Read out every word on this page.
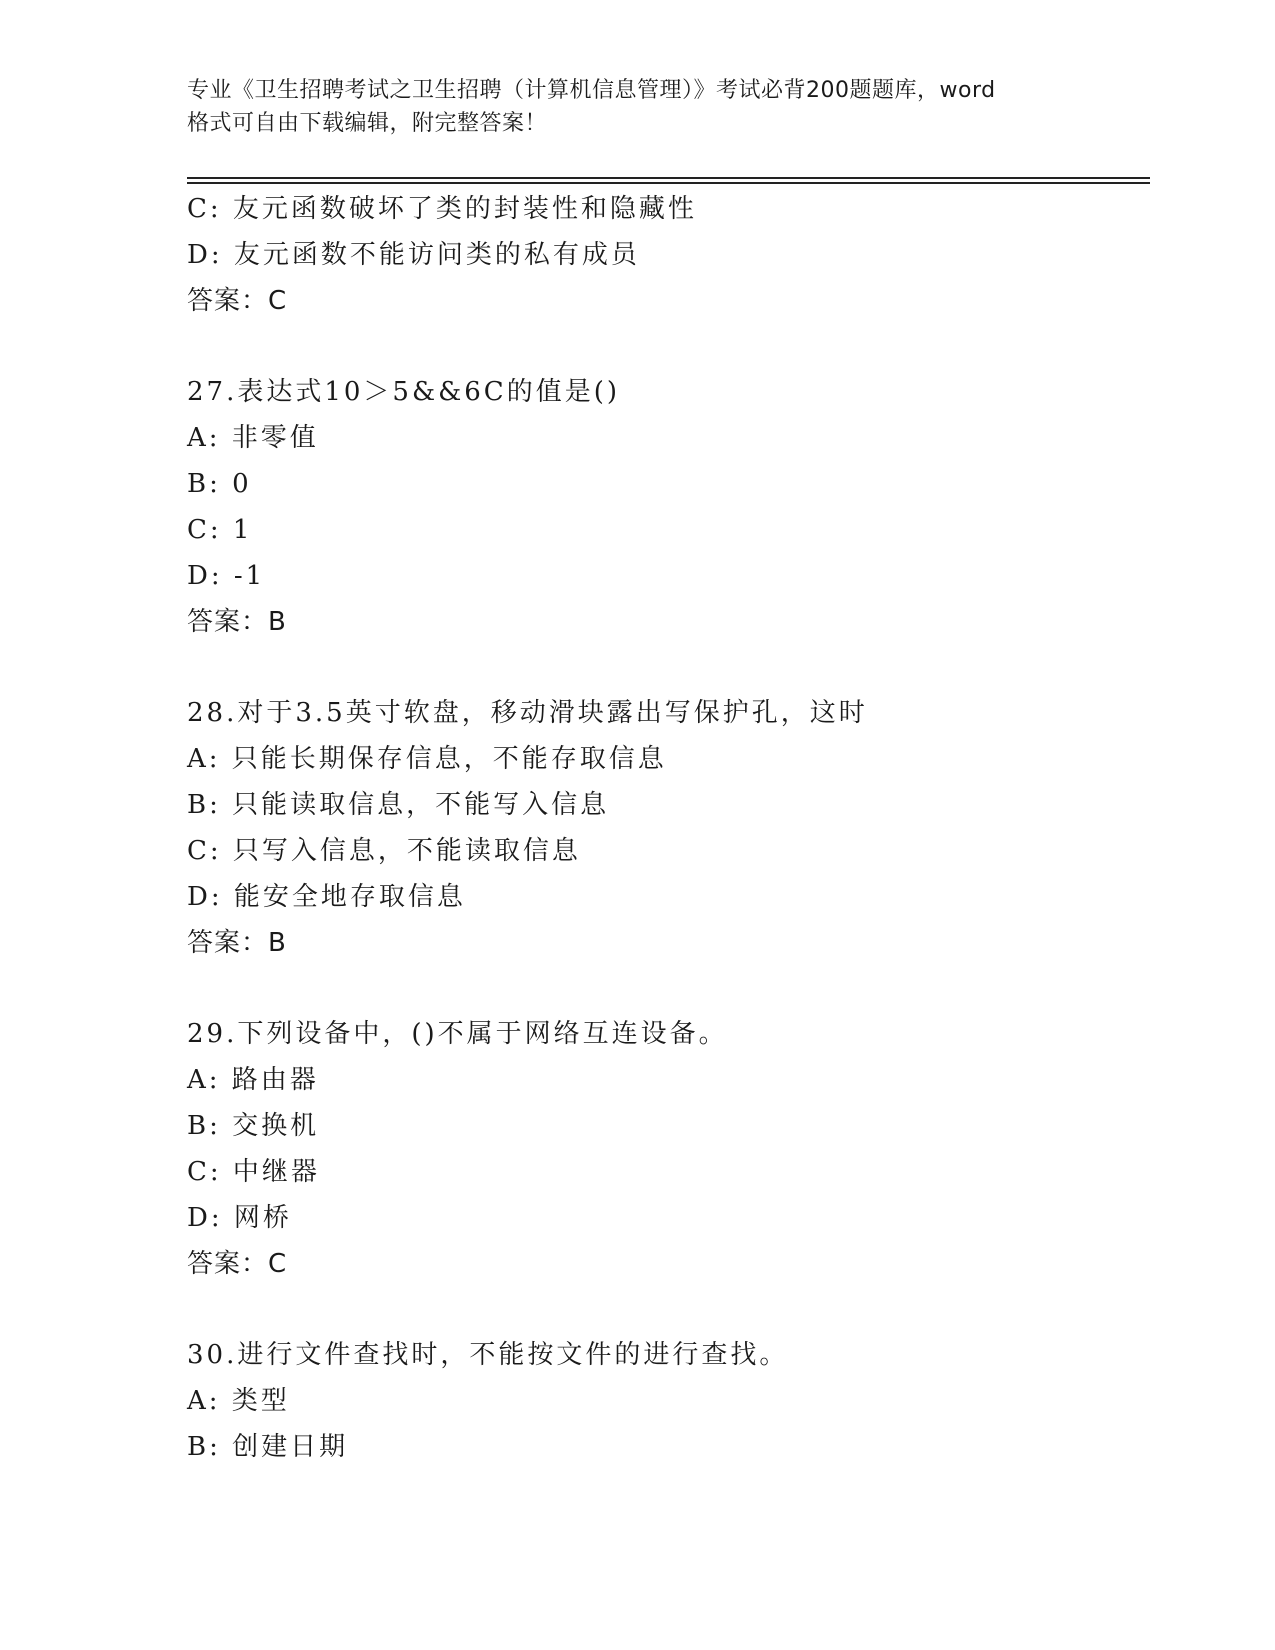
专业《卫生招聘考试之卫生招聘（计算机信息管理）》考试必背200题题库，word
格式可自由下载编辑，附完整答案！
C: 友元函数破坏了类的封装性和隐藏性
D: 友元函数不能访问类的私有成员
答案：C
27.表达式10＞5&&6C的值是()
A: 非零值
B: 0
C: 1
D: -1
答案：B
28.对于3.5英寸软盘，移动滑块露出写保护孔，这时
A: 只能长期保存信息，不能存取信息
B: 只能读取信息，不能写入信息
C: 只写入信息，不能读取信息
D: 能安全地存取信息
答案：B
29.下列设备中，()不属于网络互连设备。
A: 路由器
B: 交换机
C: 中继器
D: 网桥
答案：C
30.进行文件查找时，不能按文件的进行查找。
A: 类型
B: 创建日期
